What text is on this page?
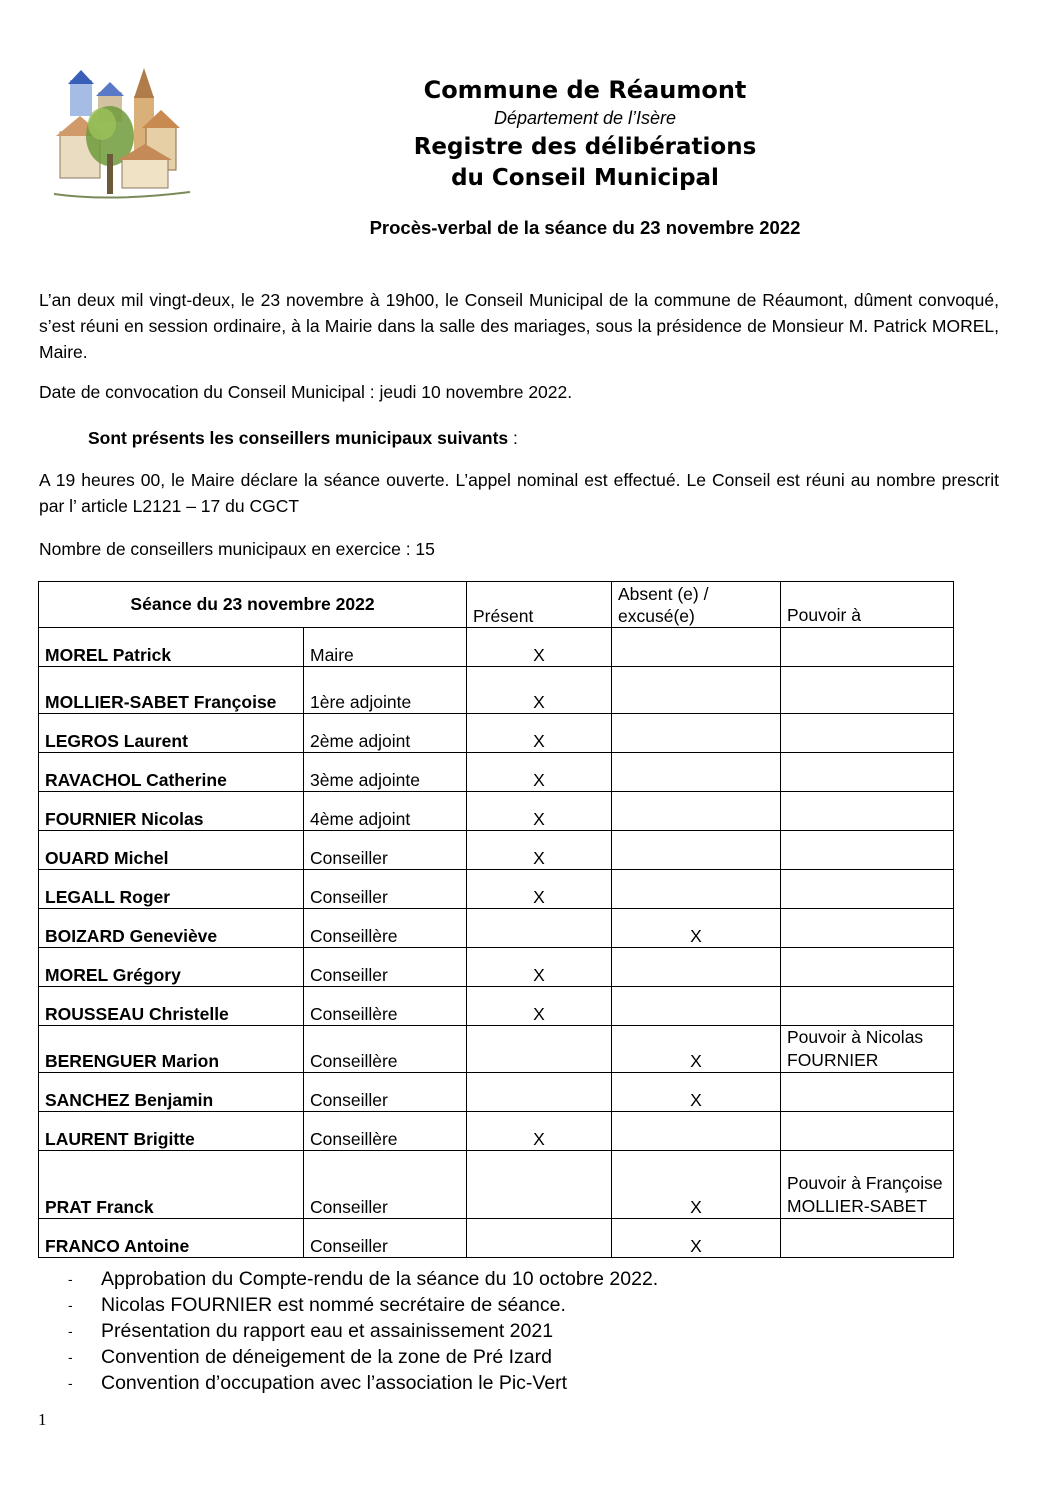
Commune de Réaumont
Département de l’Isère
Registre des délibérations
du Conseil Municipal
Procès-verbal de la séance du 23 novembre 2022
L’an deux mil vingt-deux, le 23 novembre à 19h00, le Conseil Municipal de la commune de Réaumont, dûment convoqué, s’est réuni en session ordinaire, à la Mairie dans la salle des mariages, sous la présidence de Monsieur M. Patrick MOREL, Maire.
Date de convocation du Conseil Municipal : jeudi 10 novembre 2022.
Sont présents les conseillers municipaux suivants :
A 19 heures 00, le Maire déclare la séance ouverte. L’appel nominal est effectué. Le Conseil est réuni au nombre prescrit par l’ article L2121 – 17 du CGCT
Nombre de conseillers municipaux en exercice : 15
Séance du 23 novembre 2022		Présent	Absent (e) /
excusé(e)	Pouvoir à
MOREL Patrick	Maire	X		
MOLLIER-SABET Françoise	1ère adjointe	X		
LEGROS Laurent	2ème adjoint	X		
RAVACHOL Catherine	3ème adjointe	X		
FOURNIER Nicolas	4ème adjoint	X		
OUARD Michel	Conseiller	X		
LEGALL Roger	Conseiller	X		
BOIZARD Geneviève	Conseillère		X	
MOREL Grégory	Conseiller	X		
ROUSSEAU Christelle	Conseillère	X		
BERENGUER Marion	Conseillère		X	Pouvoir à Nicolas FOURNIER
SANCHEZ Benjamin	Conseiller		X	
LAURENT Brigitte	Conseillère	X		
PRAT Franck	Conseiller		X	Pouvoir à Françoise MOLLIER-SABET
FRANCO Antoine	Conseiller		X	
- Approbation du Compte-rendu de la séance du 10 octobre 2022.
- Nicolas FOURNIER est nommé secrétaire de séance.
- Présentation du rapport eau et assainissement 2021
- Convention de déneigement de la zone de Pré Izard
- Convention d’occupation avec l’association le Pic-Vert
1
